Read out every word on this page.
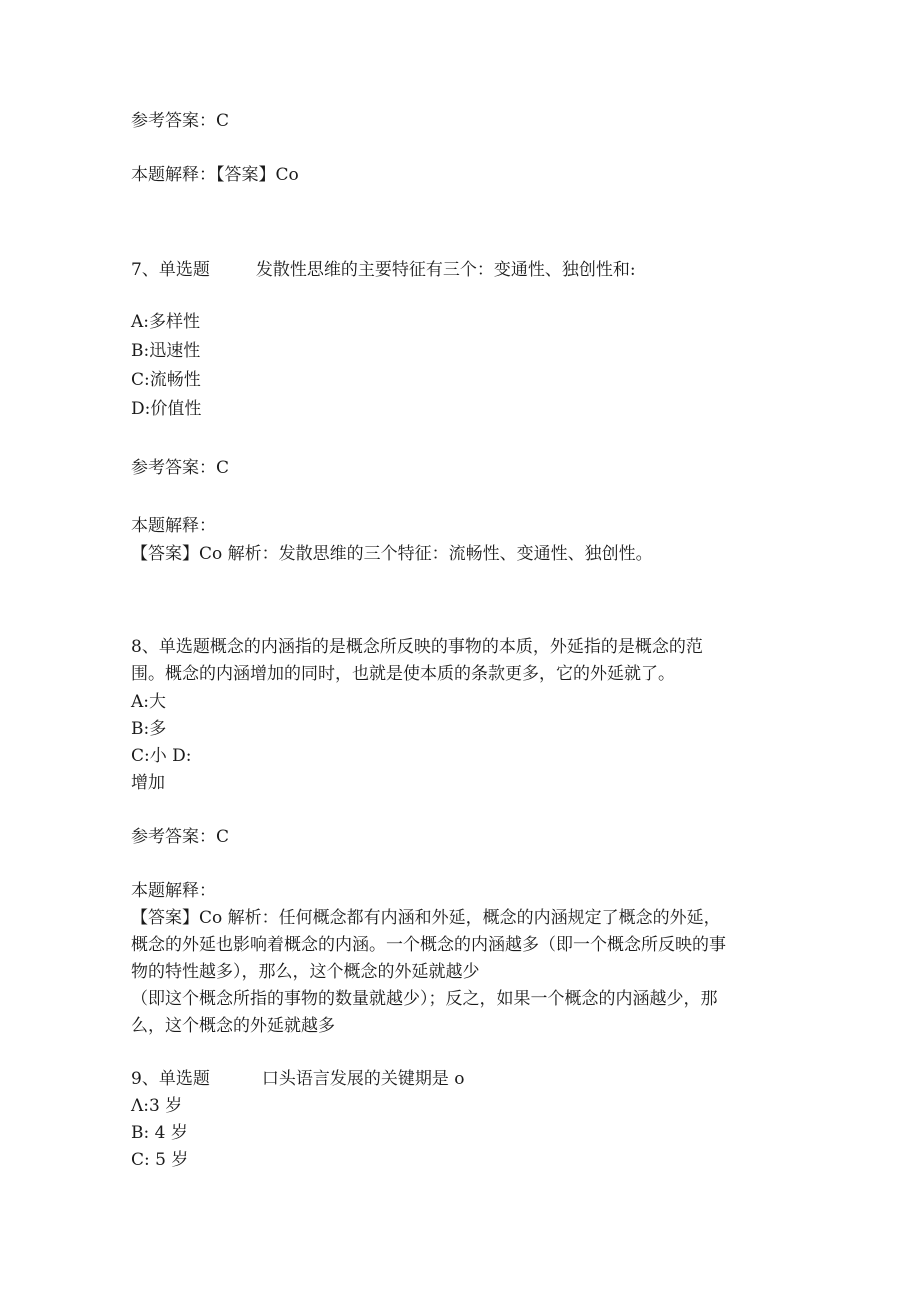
参考答案：C
本题解释：【答案】Co
7、单选题	发散性思维的主要特征有三个：变通性、独创性和:
A:多样性
B:迅速性
C:流畅性
D:价值性
参考答案：C
本题解释：
【答案】Co 解析：发散思维的三个特征：流畅性、变通性、独创性。
8、单选题概念的内涵指的是概念所反映的事物的本质，外延指的是概念的范
围。概念的内涵增加的同时，也就是使本质的条款更多，它的外延就了。
A:大
B:多
C:小 D:
增加
参考答案：C
本题解释：
【答案】Co 解析：任何概念都有内涵和外延，概念的内涵规定了概念的外延，
概念的外延也影响着概念的内涵。一个概念的内涵越多（即一个概念所反映的事
物的特性越多），那么，这个概念的外延就越少
（即这个概念所指的事物的数量就越少）；反之，如果一个概念的内涵越少，那
么，这个概念的外延就越多
9、单选题	口头语言发展的关键期是 o
Λ:3 岁
B: 4 岁
C: 5 岁
